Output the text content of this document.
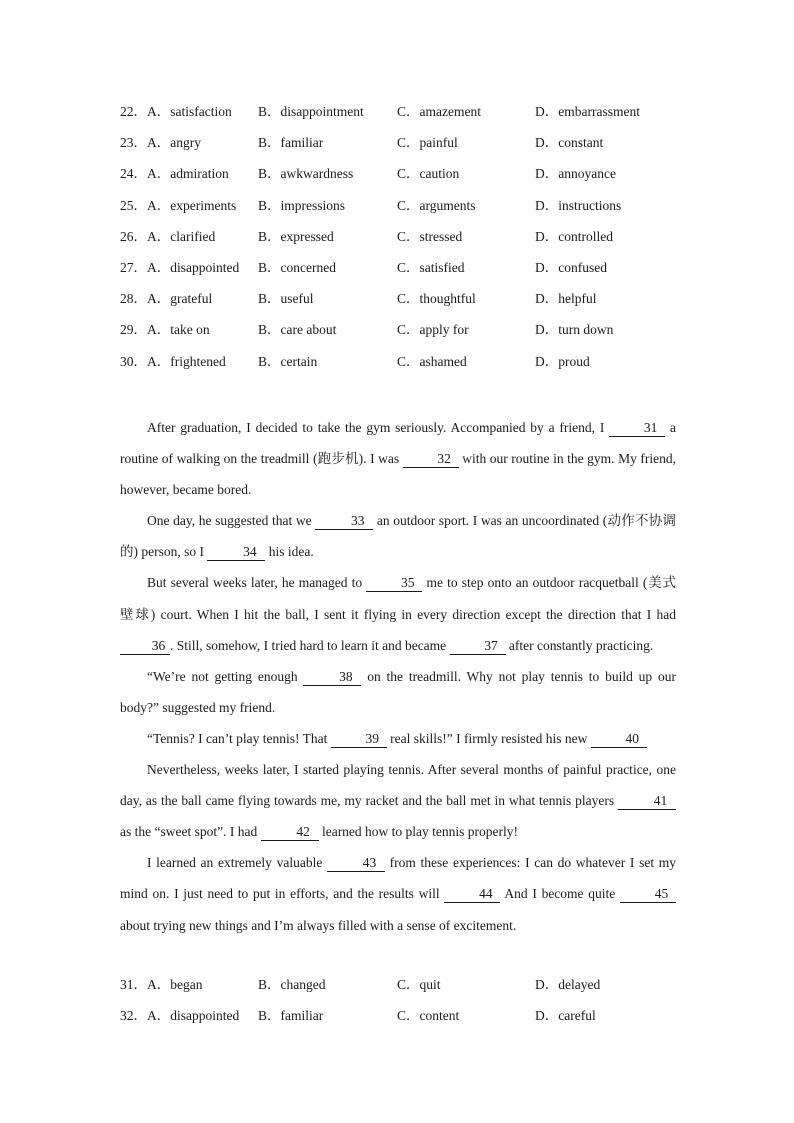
22．A．satisfaction B．disappointment C．amazement	D．embarrassment
23．A．angry	B．familiar	C．painful	D．constant
24．A．admiration B．awkwardness	C．caution	D．annoyance
25．A．experiments B．impressions	C．arguments	D．instructions
26．A．clarified	B．expressed	C．stressed	D．controlled
27．A．disappointed B．concerned	C．satisfied	D．confused
28．A．grateful	B．useful	C．thoughtful	D．helpful
29．A．take on	B．care about	C．apply for	D．turn down
30．A．frightened B．certain	C．ashamed	D．proud

After graduation, I decided to take the gym seriously. Accompanied by a friend, I	31 a routine of walking on the treadmill (跑步机). I was	32 with our routine in the gym. My friend, however, became bored.

One day, he suggested that we	33 an outdoor sport. I was an uncoordinated (动作不协调的) person, so I	34 his idea.

But several weeks later, he managed to	35 me to step onto an outdoor racquetball (美式壁球) court. When I hit the ball, I sent it flying in every direction except the direction that I had 36 . Still, somehow, I tried hard to learn it and became	37 after constantly practicing.

“We’re not getting enough	38 on the treadmill. Why not play tennis to build up our body?” suggested my friend.

“Tennis? I can’t play tennis! That	39 real skills!” I firmly resisted his new	40

Nevertheless, weeks later, I started playing tennis. After several months of painful practice, one day, as the ball came flying towards me, my racket and the ball met in what tennis players	41 as the “sweet spot”. I had	42 learned how to play tennis properly!

I learned an extremely valuable	43 from these experiences: I can do whatever I set my mind on. I just need to put in efforts, and the results will	44 And I become quite	45 about trying new things and I’m always filled with a sense of excitement.

31．A．began	B．changed	C．quit	D．delayed
32．A．disappointed B．familiar	C．content	D．careful
